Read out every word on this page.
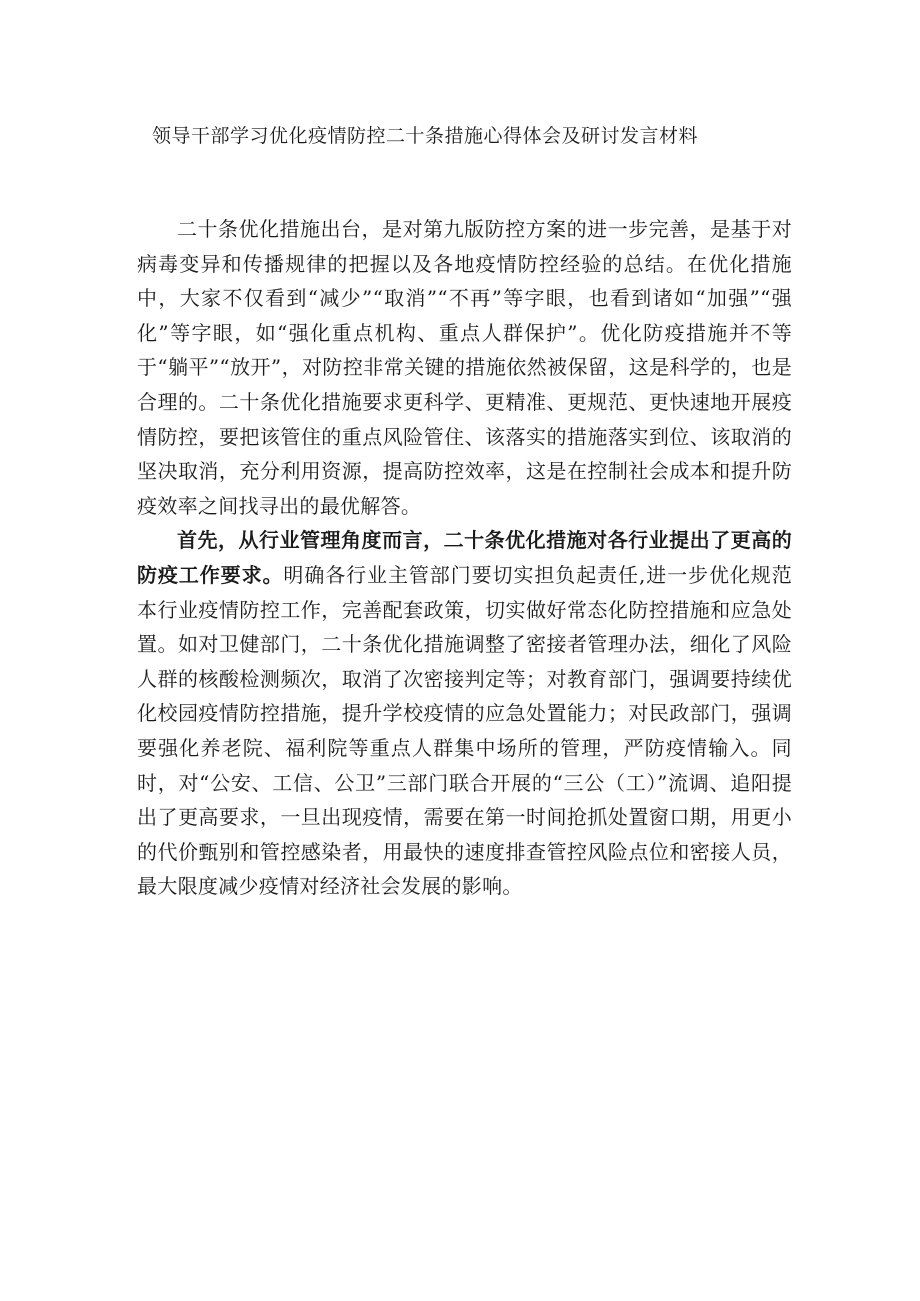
领导干部学习优化疫情防控二十条措施心得体会及研讨发言材料

二十条优化措施出台，是对第九版防控方案的进一步完善，是基于对病毒变异和传播规律的把握以及各地疫情防控经验的总结。在优化措施中，大家不仅看到“减少”“取消”“不再”等字眼，也看到诸如“加强”“强化”等字眼，如“强化重点机构、重点人群保护”。优化防疫措施并不等于“躺平”“放开”，对防控非常关键的措施依然被保留，这是科学的，也是合理的。二十条优化措施要求更科学、更精准、更规范、更快速地开展疫情防控，要把该管住的重点风险管住、该落实的措施落实到位、该取消的坚决取消，充分利用资源，提高防控效率，这是在控制社会成本和提升防疫效率之间找寻出的最优解答。

首先，从行业管理角度而言，二十条优化措施对各行业提出了更高的防疫工作要求。明确各行业主管部门要切实担负起责任,进一步优化规范本行业疫情防控工作，完善配套政策，切实做好常态化防控措施和应急处置。如对卫健部门，二十条优化措施调整了密接者管理办法，细化了风险人群的核酸检测频次，取消了次密接判定等；对教育部门，强调要持续优化校园疫情防控措施，提升学校疫情的应急处置能力；对民政部门，强调要强化养老院、福利院等重点人群集中场所的管理，严防疫情输入。同时，对“公安、工信、公卫”三部门联合开展的“三公（工）”流调、追阳提出了更高要求，一旦出现疫情，需要在第一时间抢抓处置窗口期，用更小的代价甄别和管控感染者，用最快的速度排查管控风险点位和密接人员，最大限度减少疫情对经济社会发展的影响。
